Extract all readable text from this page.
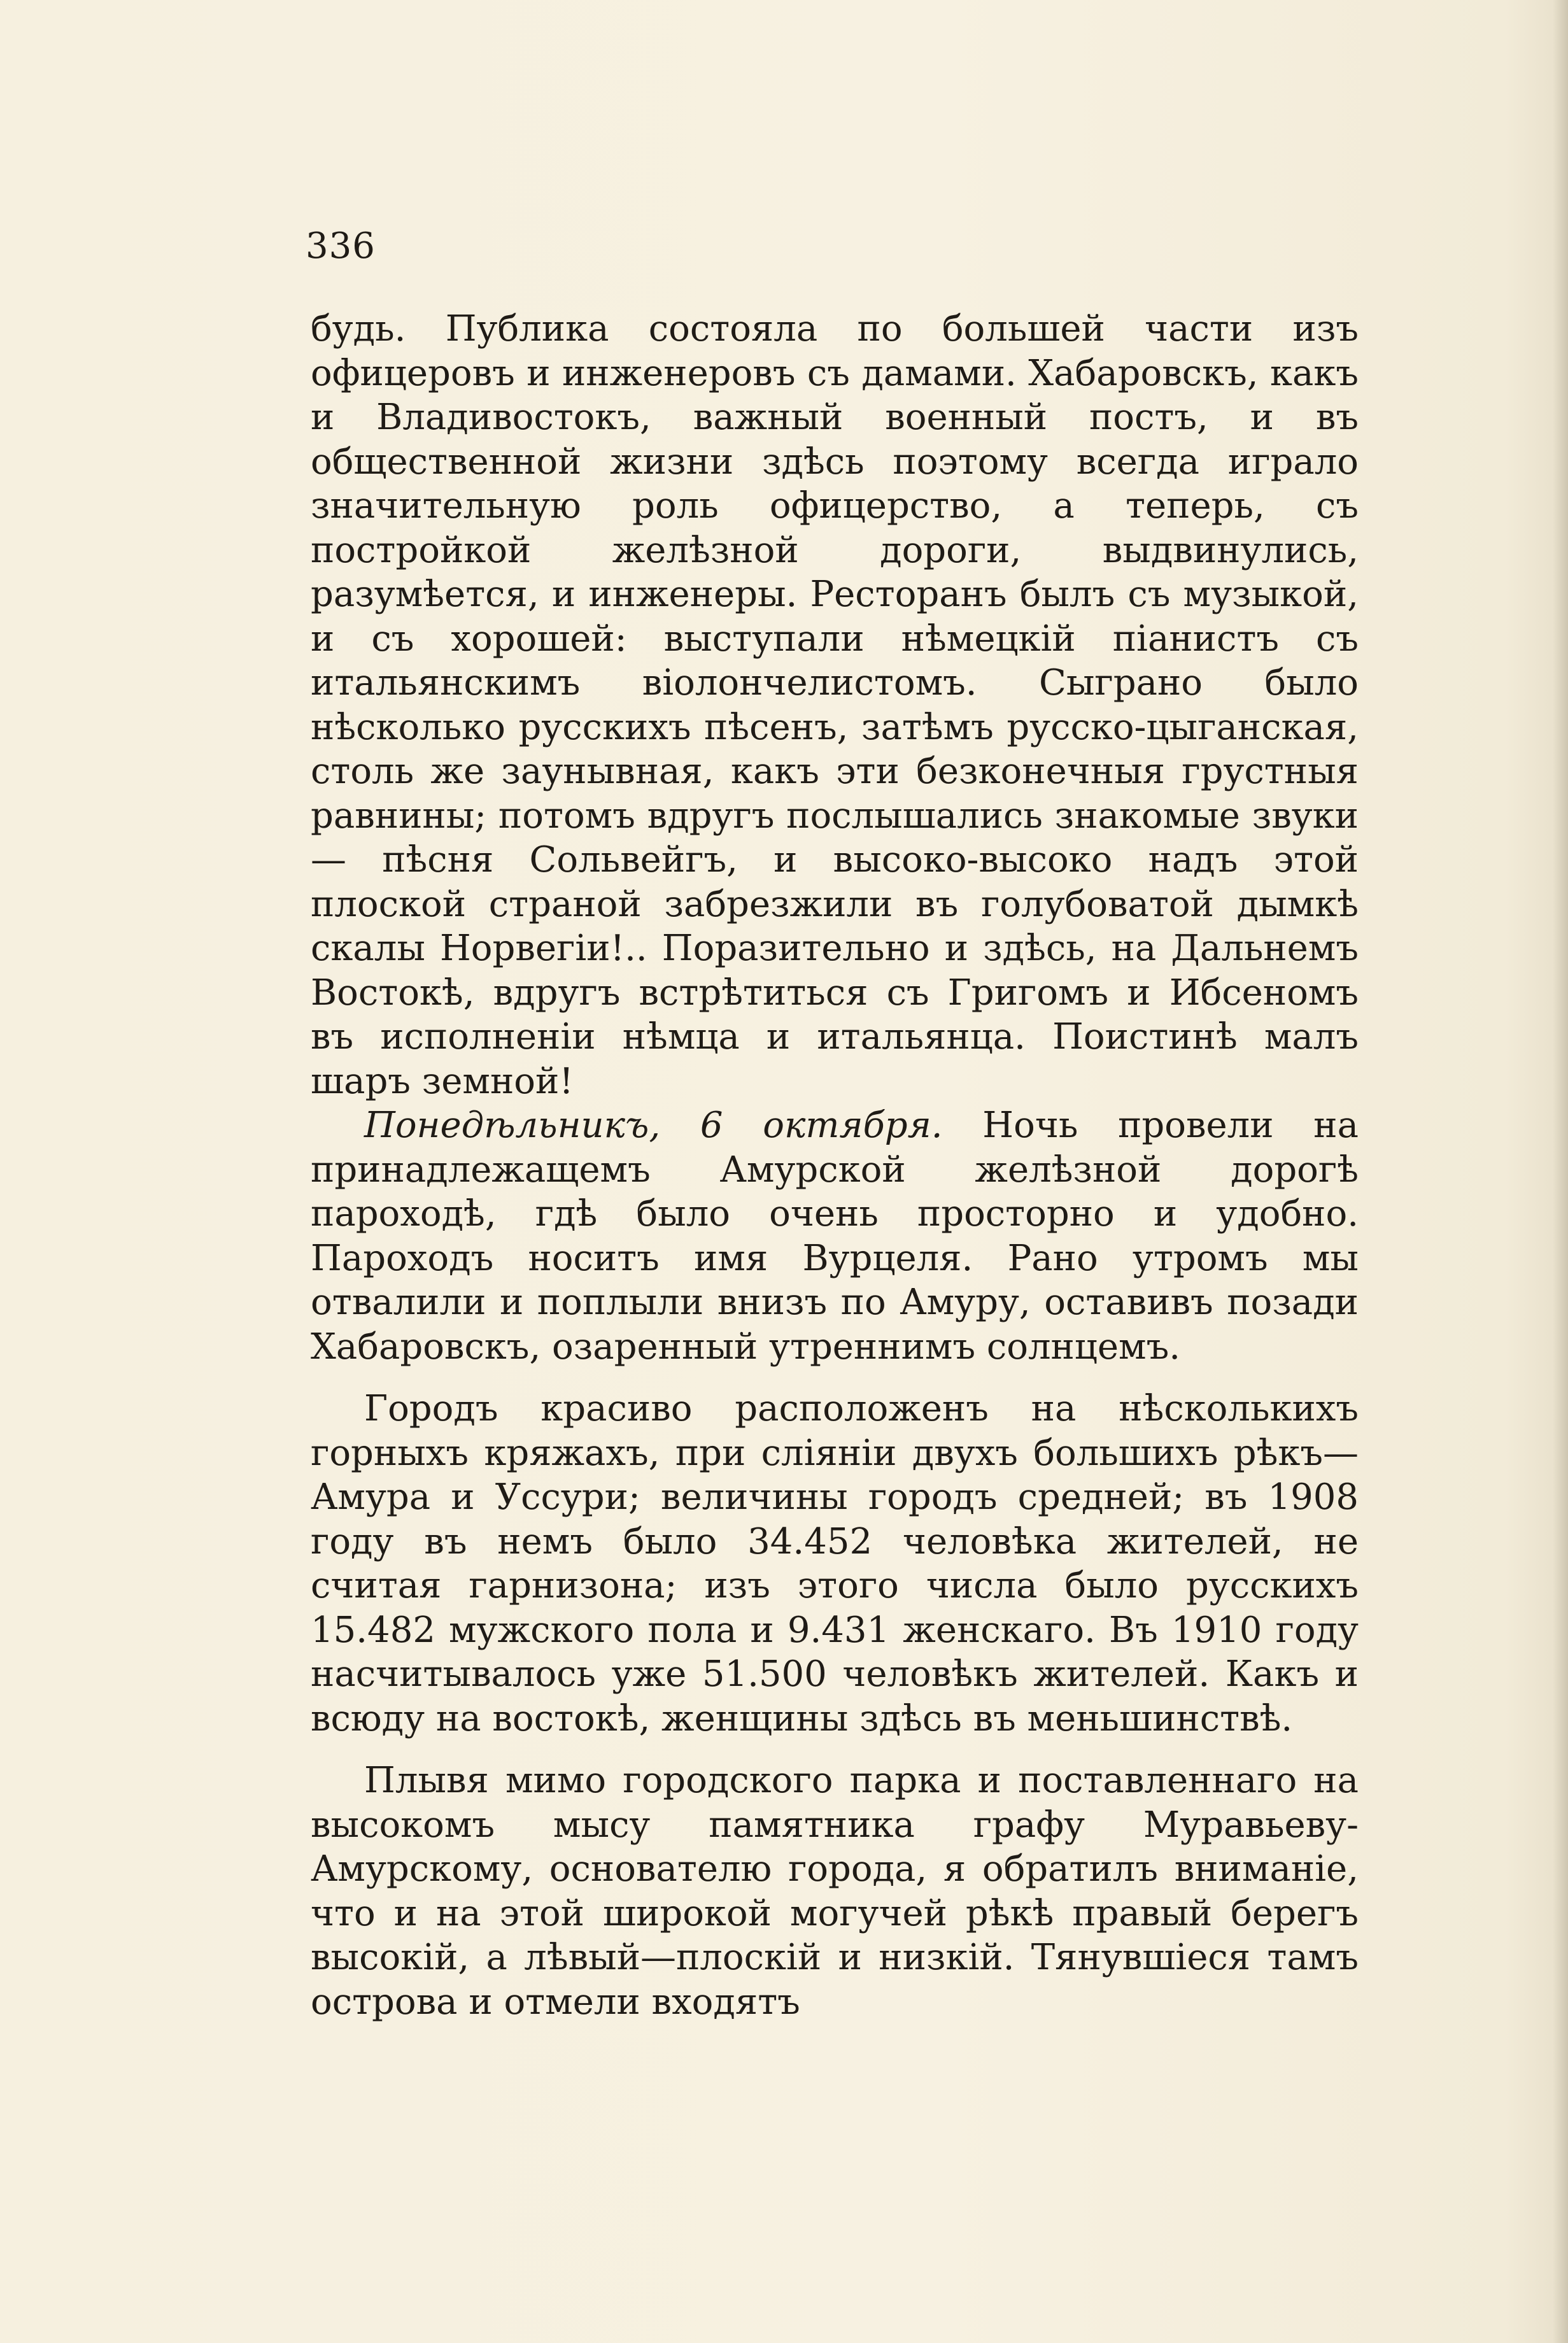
336

будь. Публика состояла по большей части изъ офицеровъ и инженеровъ съ дамами. Хабаровскъ, какъ и Владивостокъ, важный военный постъ, и въ общественной жизни здѣсь поэтому всегда играло значительную роль офицерство, а теперь, съ постройкой желѣзной дороги, выдвинулись, разумѣется, и инженеры. Ресторанъ былъ съ музыкой, и съ хорошей: выступали нѣмецкій піанистъ съ итальянскимъ віолончелистомъ. Сыграно было нѣсколько русскихъ пѣсенъ, затѣмъ русско-цыганская, столь же заунывная, какъ эти безконечныя грустныя равнины; потомъ вдругъ послышались знакомые звуки — пѣсня Сольвейгъ, и высоко-высоко надъ этой плоской страной забрезжили въ голубоватой дымкѣ скалы Норвегіи!.. Поразительно и здѣсь, на Дальнемъ Востокѣ, вдругъ встрѣтиться съ Григомъ и Ибсеномъ въ исполненіи нѣмца и итальянца. Поистинѣ малъ шаръ земной!

Понедѣльникъ, 6 октября. Ночь провели на принадлежащемъ Амурской желѣзной дорогѣ пароходѣ, гдѣ было очень просторно и удобно. Пароходъ носитъ имя Вурцеля. Рано утромъ мы отвалили и поплыли внизъ по Амуру, оставивъ позади Хабаровскъ, озаренный утреннимъ солнцемъ.

Городъ красиво расположенъ на нѣсколькихъ горныхъ кряжахъ, при сліяніи двухъ большихъ рѣкъ—Амура и Уссури; величины городъ средней; въ 1908 году въ немъ было 34.452 человѣка жителей, не считая гарнизона; изъ этого числа было русскихъ 15.482 мужского пола и 9.431 женскаго. Въ 1910 году насчитывалось уже 51.500 человѣкъ жителей. Какъ и всюду на востокѣ, женщины здѣсь въ меньшинствѣ.

Плывя мимо городского парка и поставленнаго на высокомъ мысу памятника графу Муравьеву-Амурскому, основателю города, я обратилъ вниманіе, что и на этой широкой могучей рѣкѣ правый берегъ высокій, а лѣвый—плоскій и низкій. Тянувшіеся тамъ острова и отмели входятъ
